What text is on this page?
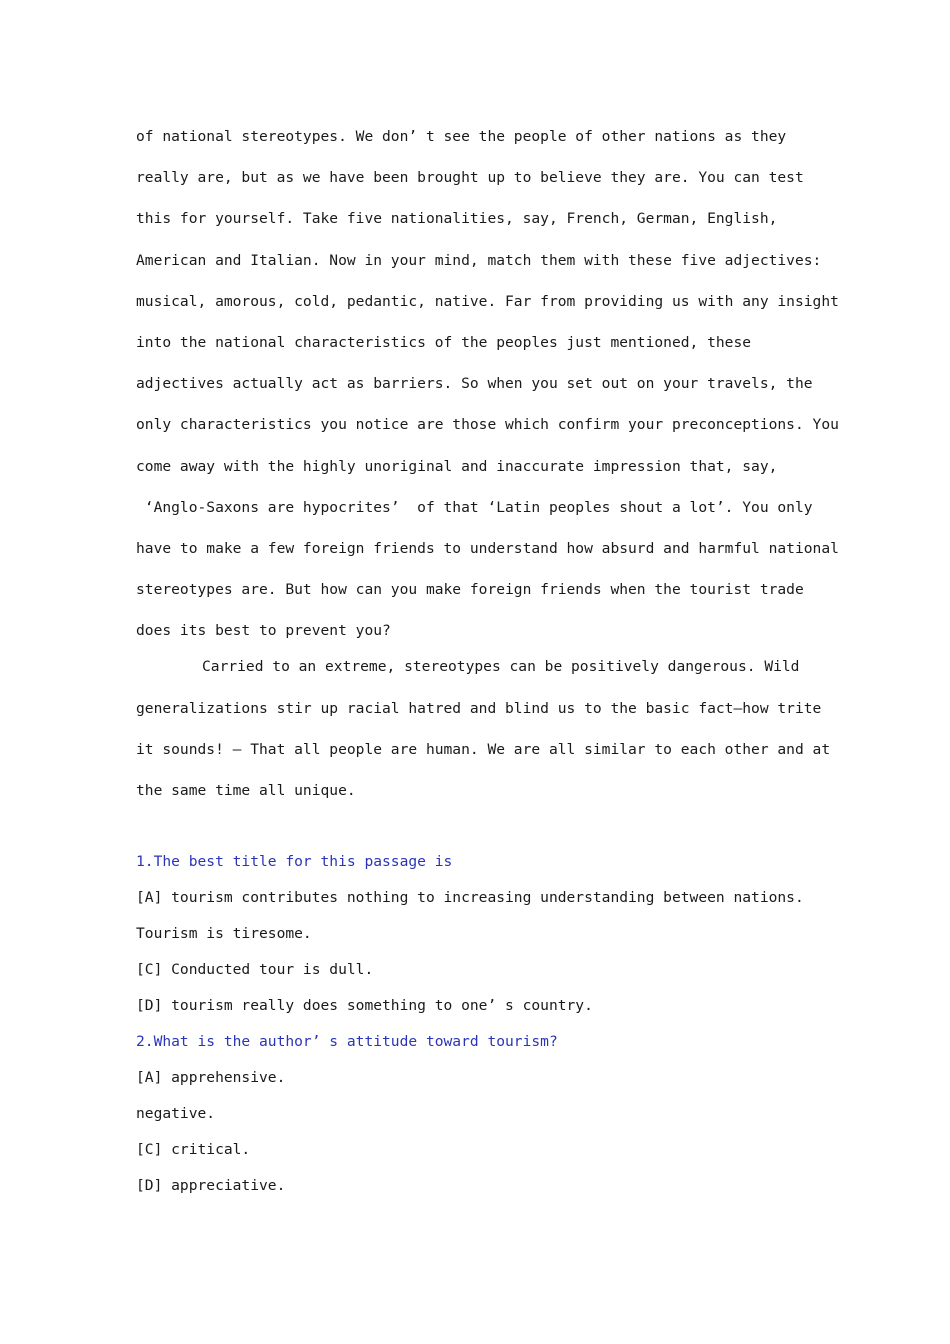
of national stereotypes. We don’ t see the people of other nations as they
really are, but as we have been brought up to believe they are. You can test
this for yourself. Take five nationalities, say, French, German, English,
American and Italian. Now in your mind, match them with these five adjectives:
musical, amorous, cold, pedantic, native. Far from providing us with any insight
into the national characteristics of the peoples just mentioned, these
adjectives actually act as barriers. So when you set out on your travels, the
only characteristics you notice are those which confirm your preconceptions. You
come away with the highly unoriginal and inaccurate impression that, say,
‘Anglo-Saxons are hypocrites’  of that ‘Latin peoples shout a lot’. You only
have to make a few foreign friends to understand how absurd and harmful national
stereotypes are. But how can you make foreign friends when the tourist trade
does its best to prevent you?
Carried to an extreme, stereotypes can be positively dangerous. Wild
generalizations stir up racial hatred and blind us to the basic fact—how trite
it sounds! – That all people are human. We are all similar to each other and at
the same time all unique.
1.The best title for this passage is
[A] tourism contributes nothing to increasing understanding between nations.
Tourism is tiresome.
[C] Conducted tour is dull.
[D] tourism really does something to one’ s country.
2.What is the author’ s attitude toward tourism?
[A] apprehensive.
negative.
[C] critical.
[D] appreciative.
